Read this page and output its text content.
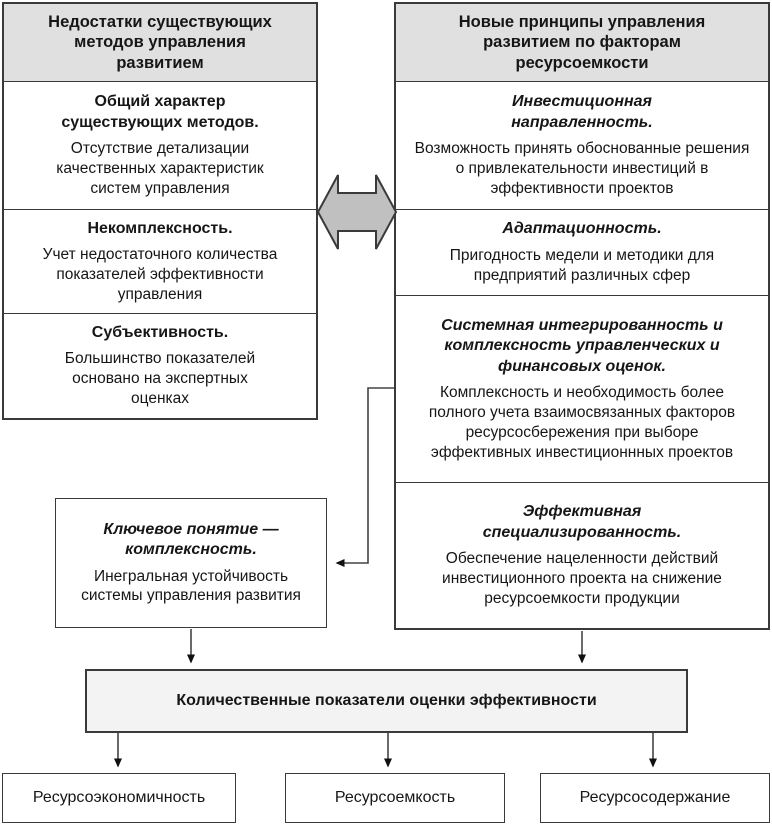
Недостатки существующих методов управления развитием
Общий характер существующих методов.
Отсутствие детализации качественных характеристик систем управления
Некомплексность.
Учет недостаточного количества показателей эффективности управления
Субъективность.
Большинство показателей основано на экспертных оценках
Новые принципы управления развитием по факторам ресурсоемкости
Инвестиционная направленность.
Возможность принять обоснованные решения о привлекательности инвестиций в эффективности проектов
Адаптационность.
Пригодность медели и методики для предприятий различных сфер
Системная интегрированность и комплексность управленческих и финансовых оценок.
Комплексность и необходимость более полного учета взаимосвязанных факторов ресурсосбережения при выборе эффективных инвестиционнных проектов
Эффективная специализированность.
Обеспечение нацеленности действий инвестиционного проекта на снижение ресурсоемкости продукции
Ключевое понятие — комплексность.
Инегральная устойчивость системы управления развития
Количественные показатели оценки эффективности
Ресурсоэкономичность	Ресурсоемкость	Ресурсосодержание
